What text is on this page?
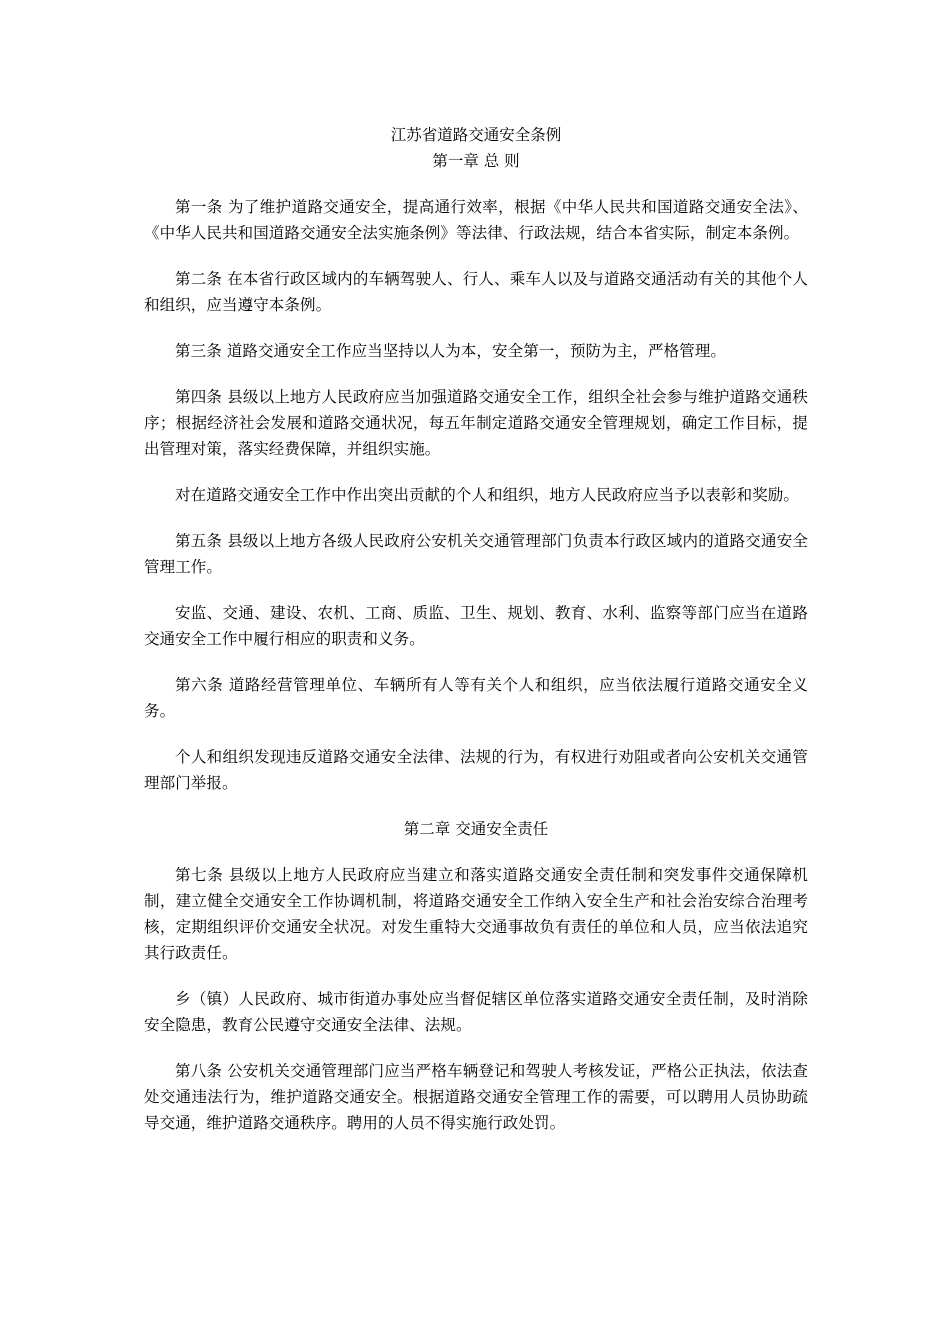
江苏省道路交通安全条例
第一章 总 则

第一条 为了维护道路交通安全，提高通行效率，根据《中华人民共和国道路交通安全法》、《中华人民共和国道路交通安全法实施条例》等法律、行政法规，结合本省实际，制定本条例。

第二条 在本省行政区域内的车辆驾驶人、行人、乘车人以及与道路交通活动有关的其他个人和组织，应当遵守本条例。

第三条 道路交通安全工作应当坚持以人为本，安全第一，预防为主，严格管理。

第四条 县级以上地方人民政府应当加强道路交通安全工作，组织全社会参与维护道路交通秩序；根据经济社会发展和道路交通状况，每五年制定道路交通安全管理规划，确定工作目标，提出管理对策，落实经费保障，并组织实施。

对在道路交通安全工作中作出突出贡献的个人和组织，地方人民政府应当予以表彰和奖励。

第五条 县级以上地方各级人民政府公安机关交通管理部门负责本行政区域内的道路交通安全管理工作。

安监、交通、建设、农机、工商、质监、卫生、规划、教育、水利、监察等部门应当在道路交通安全工作中履行相应的职责和义务。

第六条 道路经营管理单位、车辆所有人等有关个人和组织，应当依法履行道路交通安全义务。

个人和组织发现违反道路交通安全法律、法规的行为，有权进行劝阻或者向公安机关交通管理部门举报。

第二章 交通安全责任

第七条 县级以上地方人民政府应当建立和落实道路交通安全责任制和突发事件交通保障机制，建立健全交通安全工作协调机制，将道路交通安全工作纳入安全生产和社会治安综合治理考核，定期组织评价交通安全状况。对发生重特大交通事故负有责任的单位和人员，应当依法追究其行政责任。

乡（镇）人民政府、城市街道办事处应当督促辖区单位落实道路交通安全责任制，及时消除安全隐患，教育公民遵守交通安全法律、法规。

第八条 公安机关交通管理部门应当严格车辆登记和驾驶人考核发证，严格公正执法，依法查处交通违法行为，维护道路交通安全。根据道路交通安全管理工作的需要，可以聘用人员协助疏导交通，维护道路交通秩序。聘用的人员不得实施行政处罚。
